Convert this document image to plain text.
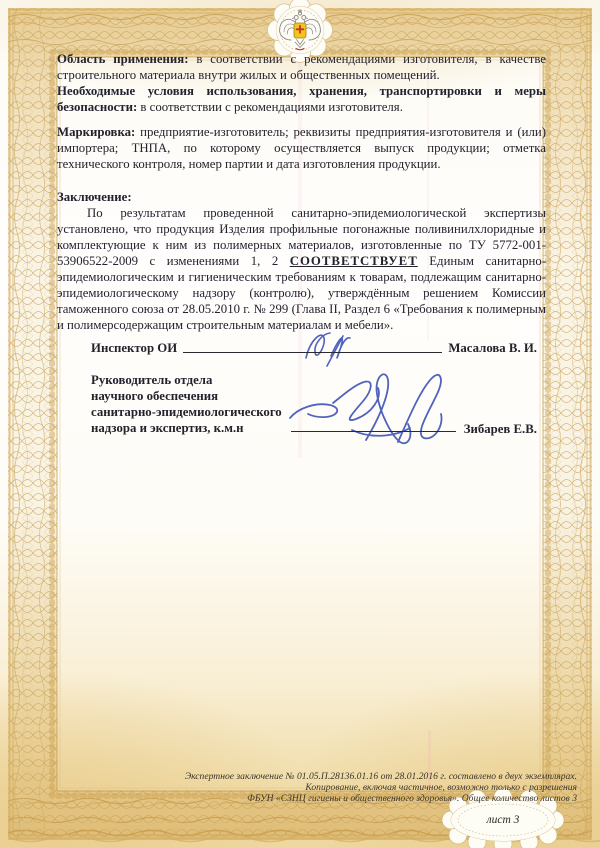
Область применения: в соответствии с рекомендациями изготовителя, в качестве строительного материала внутри жилых и общественных помещений.

Необходимые условия использования, хранения, транспортировки и меры безопасности: в соответствии с рекомендациями изготовителя.

Маркировка: предприятие-изготовитель; реквизиты предприятия-изготовителя и (или) импортера; ТНПА, по которому осуществляется выпуск продукции; отметка технического контроля, номер партии и дата изготовления продукции.

Заключение:

По результатам проведенной санитарно-эпидемиологической экспертизы установлено, что продукция Изделия профильные погонажные поливинилхлоридные и комплектующие к ним из полимерных материалов, изготовленные по ТУ 5772-001-53906522-2009 с изменениями 1, 2 СООТВЕТСТВУЕТ Единым санитарно-эпидемиологическим и гигиеническим требованиям к товарам, подлежащим санитарно-эпидемиологическому надзору (контролю), утверждённым решением Комиссии таможенного союза от 28.05.2010 г. № 299 (Глава II, Раздел 6 «Требования к полимерным и полимерсодержащим строительным материалам и мебели».

Инспектор ОИ	Масалова В. И.
Руководитель отдела
научного обеспечения
санитарно-эпидемиологического
надзора и экспертиз, к.м.н	Зибарев Е.В.
Экспертное заключение № 01.05.П.28136.01.16 от 28.01.2016 г. составлено в двух экземплярах.
Копирование, включая частичное, возможно только с разрешения
ФБУН «СЗНЦ гигиены и общественного здоровья». Общее количество листов 3
лист 3
